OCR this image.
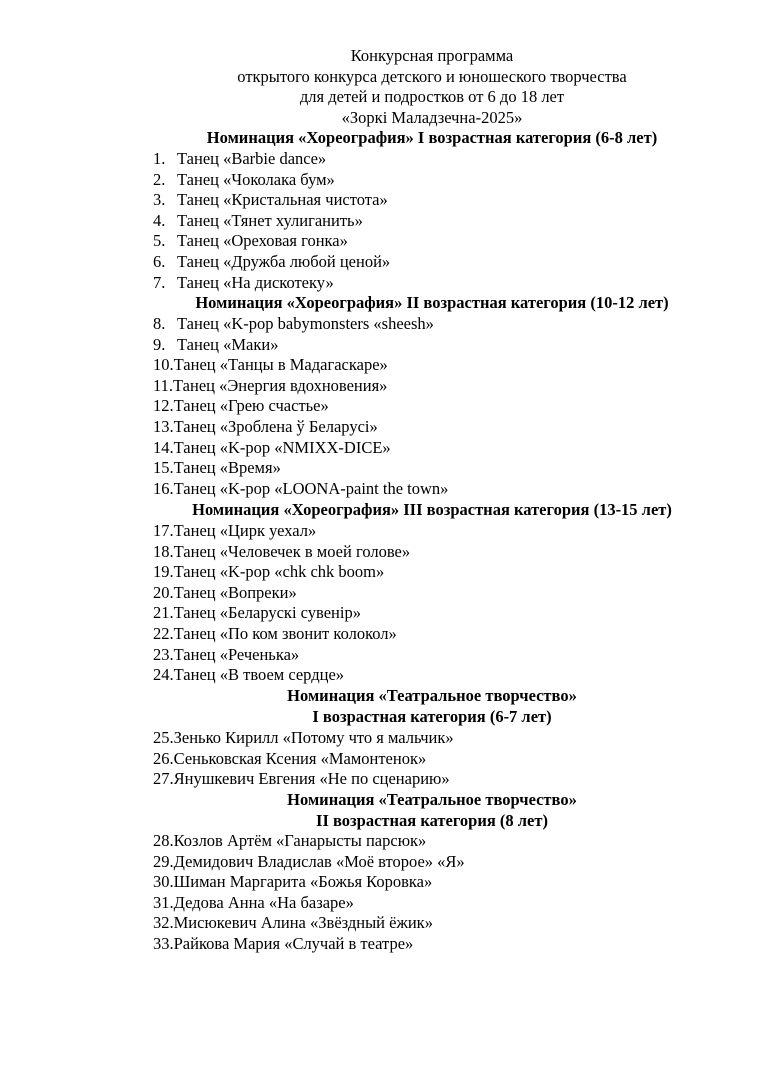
Конкурсная программа
открытого конкурса детского и юношеского творчества
для детей и подростков от 6 до 18 лет
«Зоркі Маладзечна-2025»
Номинация «Хореография» I возрастная категория (6-8 лет)
1. Танец «Barbie dance»
2. Танец «Чоколака бум»
3. Танец «Кристальная чистота»
4. Танец «Тянет хулиганить»
5. Танец «Ореховая гонка»
6. Танец «Дружба любой ценой»
7. Танец «На дискотеку»
Номинация «Хореография» II возрастная категория (10-12 лет)
8. Танец «K-pop babymonsters «sheesh»
9. Танец «Маки»
10.Танец «Танцы в Мадагаскаре»
11.Танец «Энергия вдохновения»
12.Танец «Грею счастье»
13.Танец «Зроблена ў Беларусі»
14.Танец «K-pop «NMIXX-DICE»
15.Танец «Время»
16.Танец «K-pop «LOONA-paint the town»
Номинация «Хореография» III возрастная категория (13-15 лет)
17.Танец «Цирк уехал»
18.Танец «Человечек в моей голове»
19.Танец «K-pop «chk chk boom»
20.Танец «Вопреки»
21.Танец «Беларускі сувенір»
22.Танец «По ком звонит колокол»
23.Танец «Реченька»
24.Танец «В твоем сердце»
Номинация «Театральное творчество»
I возрастная категория (6-7 лет)
25.Зенько Кирилл «Потому что я мальчик»
26.Сеньковская Ксения «Мамонтенок»
27.Янушкевич Евгения «Не по сценарию»
Номинация «Театральное творчество»
II возрастная категория (8 лет)
28.Козлов Артём «Ганарысты парсюк»
29.Демидович Владислав «Моё второе» «Я»
30.Шиман Маргарита «Божья Коровка»
31.Дедова Анна «На базаре»
32.Мисюкевич Алина «Звёздный ёжик»
33.Райкова Мария «Случай в театре»
